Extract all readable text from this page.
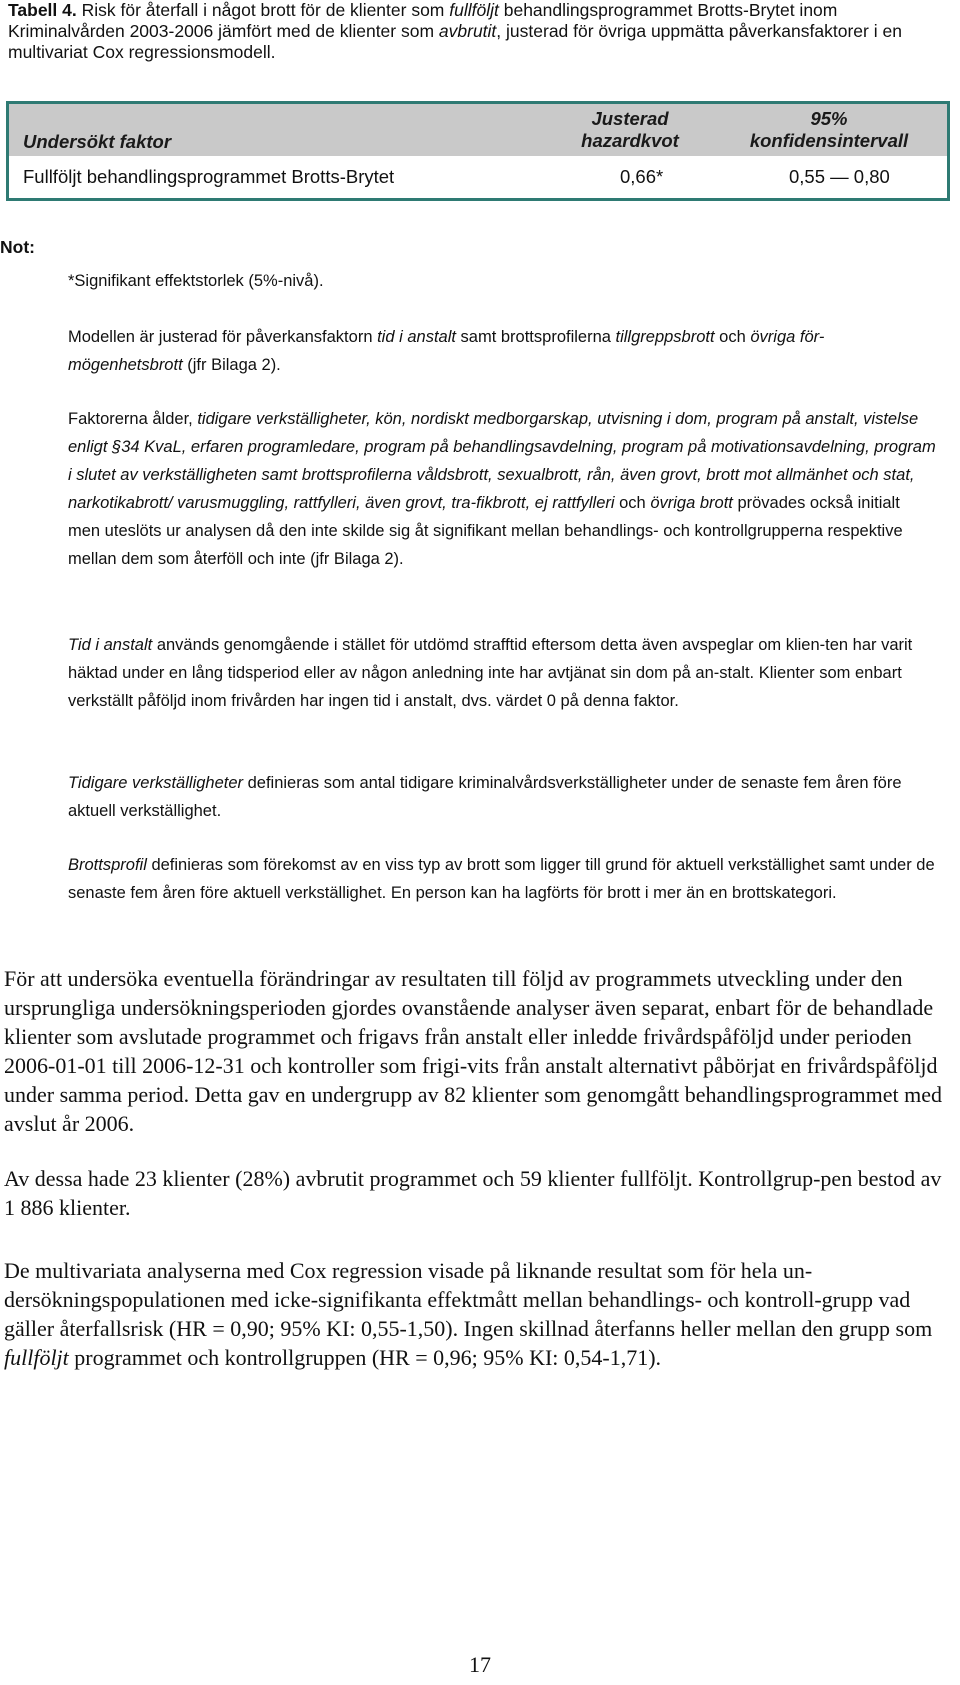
Tabell 4. Risk för återfall i något brott för de klienter som fullföljt behandlingsprogrammet Brotts-Brytet inom Kriminalvården 2003-2006 jämfört med de klienter som avbrutit, justerad för övriga uppmätta påverkansfaktorer i en multivariat Cox regressionsmodell.
Undersökt faktor
Justerad hazardkvot
95% konfidensintervall
Fullföljt behandlingsprogrammet Brotts-Brytet	0,66*	0,55 — 0,80
Not:

*Signifikant effektstorlek (5%-nivå).

Modellen är justerad för påverkansfaktorn tid i anstalt samt brottsprofilerna tillgreppsbrott och övriga för-mögenhetsbrott (jfr Bilaga 2).

Faktorerna ålder, tidigare verkställigheter, kön, nordiskt medborgarskap, utvisning i dom, program på anstalt, vistelse enligt §34 KvaL, erfaren programledare, program på behandlingsavdelning, program på motivationsavdelning, program i slutet av verkställigheten samt brottsprofilerna våldsbrott, sexualbrott, rån, även grovt, brott mot allmänhet och stat, narkotikabrott/ varusmuggling, rattfylleri, även grovt, tra-fikbrott, ej rattfylleri och övriga brott prövades också initialt men uteslöts ur analysen då den inte skilde sig åt signifikant mellan behandlings- och kontrollgrupperna respektive mellan dem som återföll och inte (jfr Bilaga 2).

Tid i anstalt används genomgående i stället för utdömd strafftid eftersom detta även avspeglar om klien-ten har varit häktad under en lång tidsperiod eller av någon anledning inte har avtjänat sin dom på an-stalt. Klienter som enbart verkställt påföljd inom frivården har ingen tid i anstalt, dvs. värdet 0 på denna faktor.

Tidigare verkställigheter definieras som antal tidigare kriminalvårdsverkställigheter under de senaste fem åren före aktuell verkställighet.

Brottsprofil definieras som förekomst av en viss typ av brott som ligger till grund för aktuell verkställighet samt under de senaste fem åren före aktuell verkställighet. En person kan ha lagförts för brott i mer än en brottskategori.

För att undersöka eventuella förändringar av resultaten till följd av programmets utveckling under den ursprungliga undersökningsperioden gjordes ovanstående analyser även separat, enbart för de behandlade klienter som avslutade programmet och frigavs från anstalt eller inledde frivårdspåföljd under perioden 2006-01-01 till 2006-12-31 och kontroller som frigi-vits från anstalt alternativt påbörjat en frivårdspåföljd under samma period. Detta gav en undergrupp av 82 klienter som genomgått behandlingsprogrammet med avslut år 2006.

Av dessa hade 23 klienter (28%) avbrutit programmet och 59 klienter fullföljt. Kontrollgrup-pen bestod av 1 886 klienter.

De multivariata analyserna med Cox regression visade på liknande resultat som för hela un-dersökningspopulationen med icke-signifikanta effektmått mellan behandlings- och kontroll-grupp vad gäller återfallsrisk (HR = 0,90; 95% KI: 0,55-1,50). Ingen skillnad återfanns heller mellan den grupp som fullföljt programmet och kontrollgruppen (HR = 0,96; 95% KI: 0,54-1,71).

17
